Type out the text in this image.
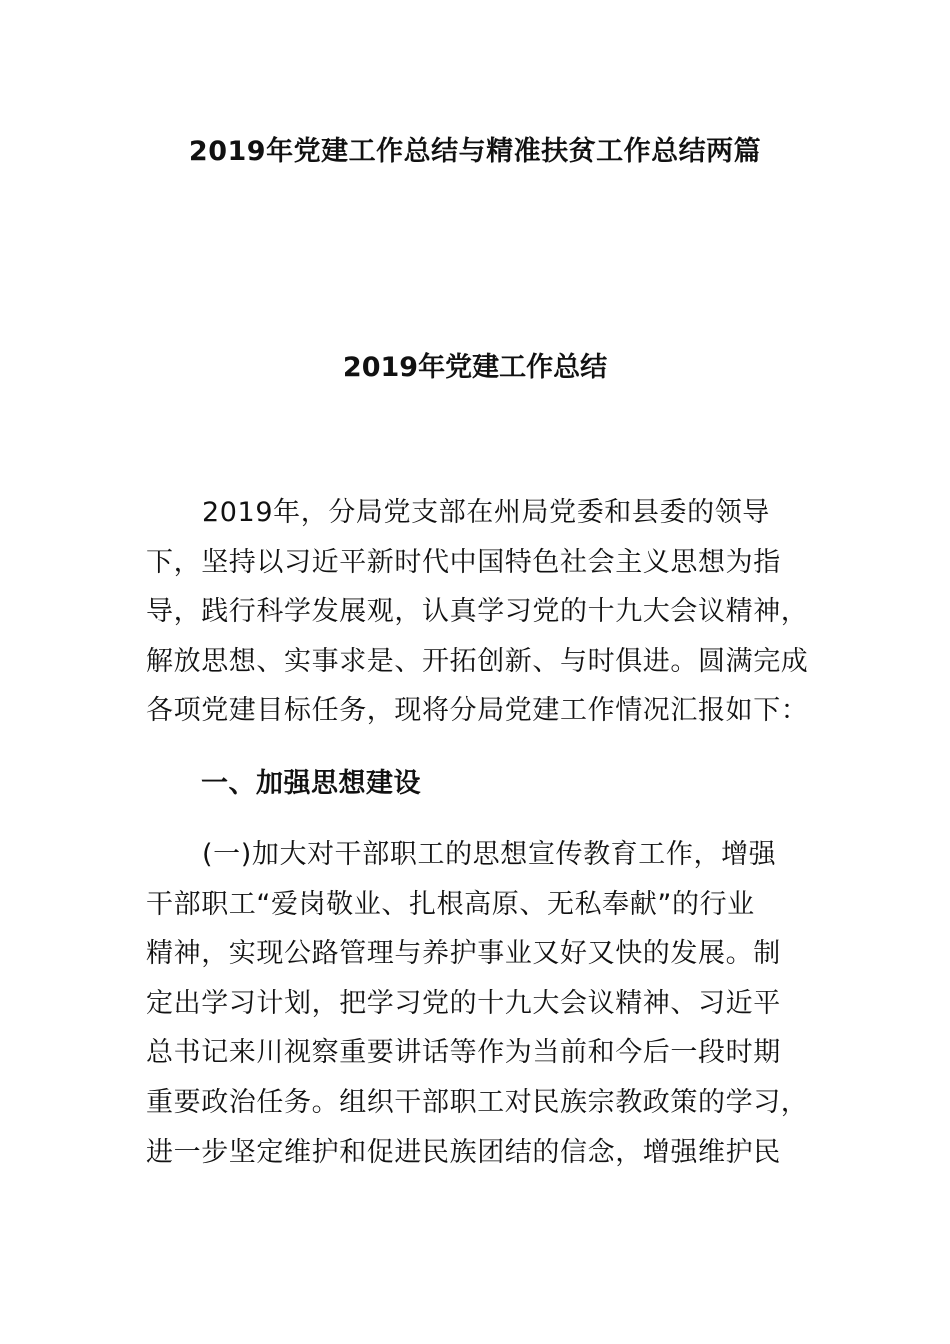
2019年党建工作总结与精准扶贫工作总结两篇
2019年党建工作总结
2019年，分局党支部在州局党委和县委的领导
下，坚持以习近平新时代中国特色社会主义思想为指
导，践行科学发展观，认真学习党的十九大会议精神，
解放思想、实事求是、开拓创新、与时俱进。圆满完成
各项党建目标任务，现将分局党建工作情况汇报如下：
一、加强思想建设
(一)加大对干部职工的思想宣传教育工作，增强
干部职工“爱岗敬业、扎根高原、无私奉献”的行业
精神，实现公路管理与养护事业又好又快的发展。制
定出学习计划，把学习党的十九大会议精神、习近平
总书记来川视察重要讲话等作为当前和今后一段时期
重要政治任务。组织干部职工对民族宗教政策的学习，
进一步坚定维护和促进民族团结的信念，增强维护民
